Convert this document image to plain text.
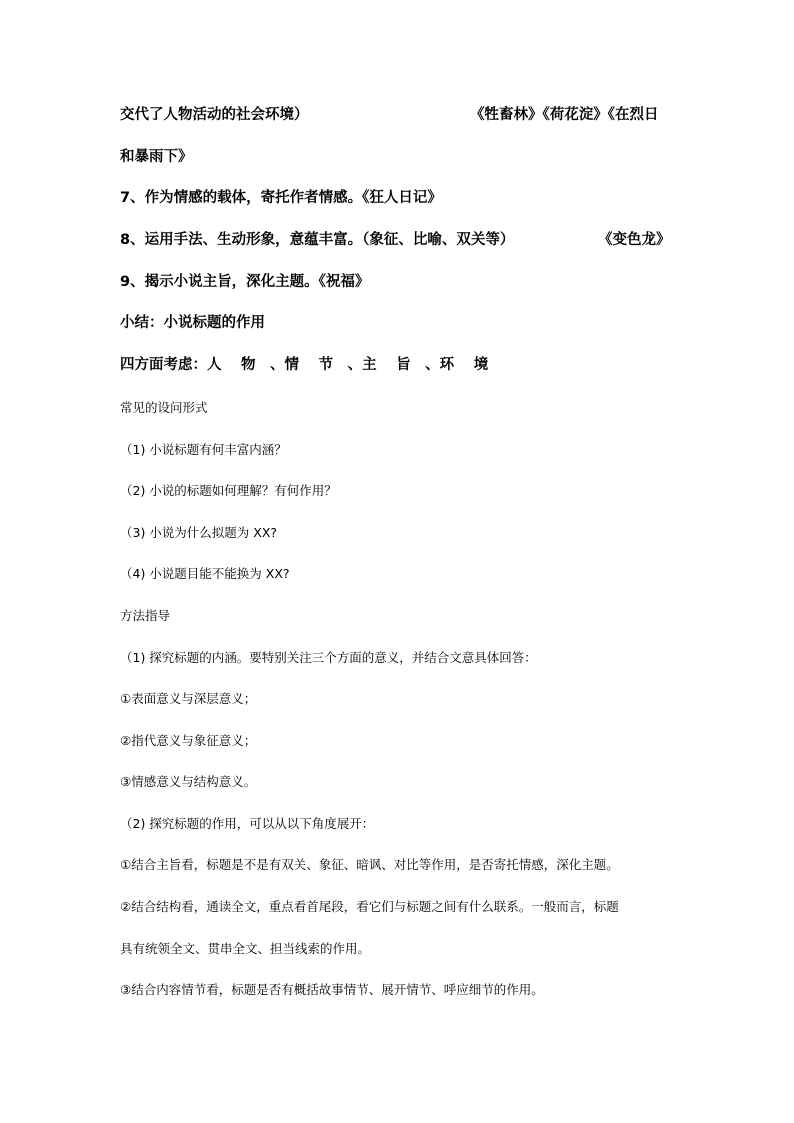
交代了人物活动的社会环境）	《牲畜林》《荷花淀》《在烈日

和暴雨下》

7、作为情感的载体，寄托作者情感。《狂人日记》

8、运用手法、生动形象，意蕴丰富。（象征、比喻、双关等）	《变色龙》

9、揭示小说主旨，深化主题。《祝福》

小结：小说标题的作用

四方面考虑：人　 物　、情　 节　、主　 旨　、环　 境

常见的设问形式

（1) 小说标题有何丰富内涵？

（2) 小说的标题如何理解？有何作用？

（3) 小说为什么拟题为 XX?

（4) 小说题目能不能换为 XX?

方法指导

（1) 探究标题的内涵。要特别关注三个方面的意义，并结合文意具体回答：

①表面意义与深层意义；

②指代意义与象征意义；

③情感意义与结构意义。

（2) 探究标题的作用，可以从以下角度展开：

①结合主旨看，标题是不是有双关、象征、暗讽、对比等作用，是否寄托情感，深化主题。

②结合结构看，通读全文，重点看首尾段，看它们与标题之间有什么联系。一般而言，标题

具有统领全文、贯串全文、担当线索的作用。

③结合内容情节看，标题是否有概括故事情节、展开情节、呼应细节的作用。
